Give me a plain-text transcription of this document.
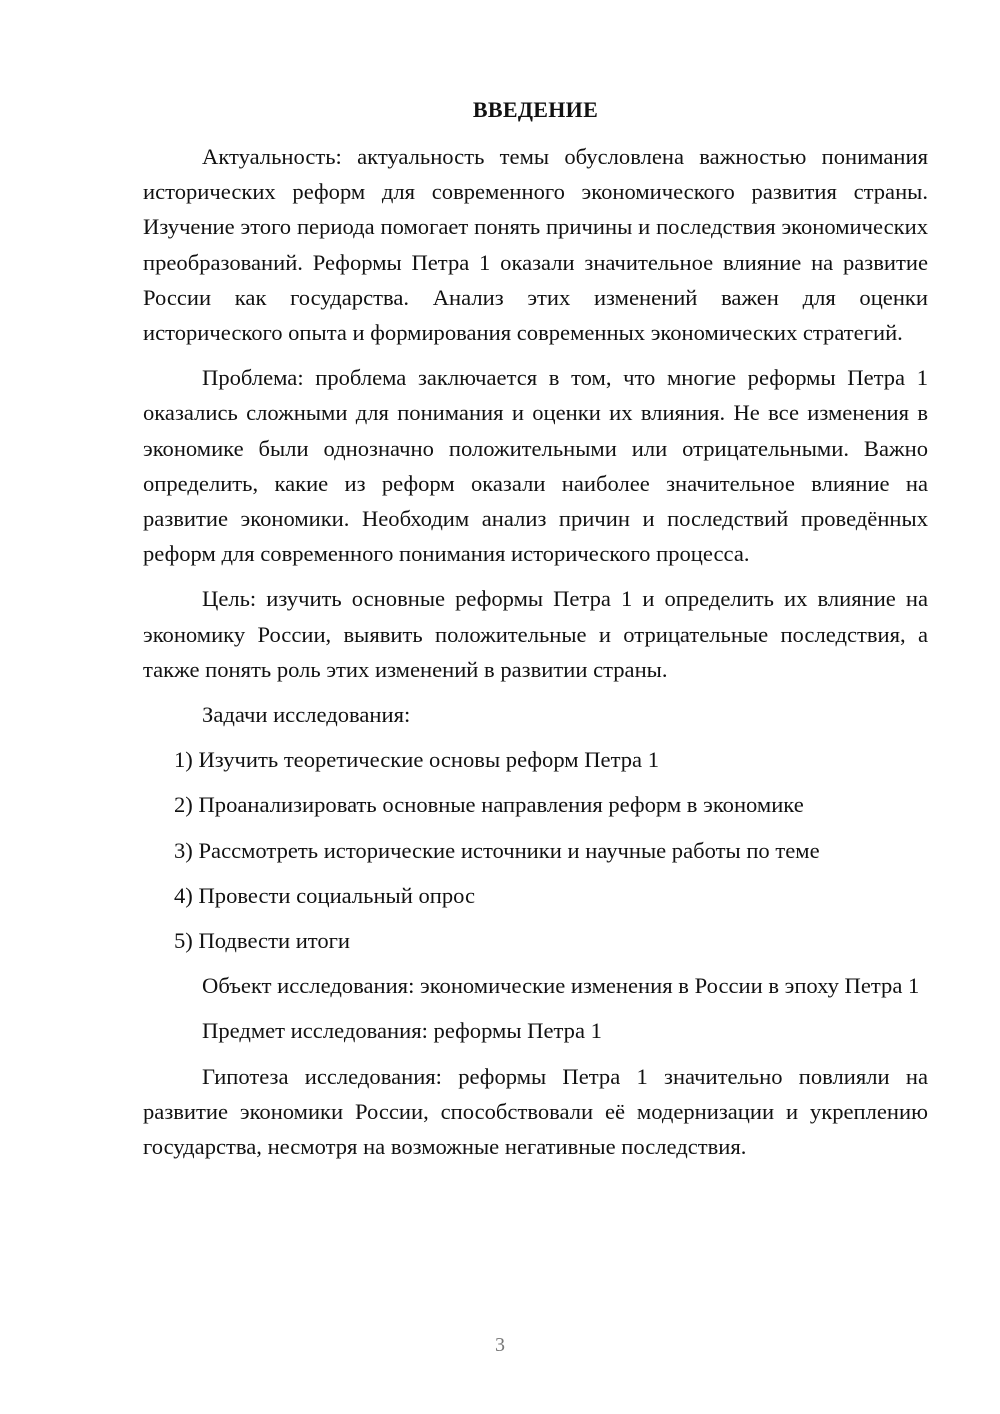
ВВЕДЕНИЕ

Актуальность: актуальность темы обусловлена важностью понимания исторических реформ для современного экономического развития страны. Изучение этого периода помогает понять причины и последствия экономических преобразований. Реформы Петра 1 оказали значительное влияние на развитие России как государства. Анализ этих изменений важен для оценки исторического опыта и формирования современных экономических стратегий.

Проблема: проблема заключается в том, что многие реформы Петра 1 оказались сложными для понимания и оценки их влияния. Не все изменения в экономике были однозначно положительными или отрицательными. Важно определить, какие из реформ оказали наиболее значительное влияние на развитие экономики. Необходим анализ причин и последствий проведённых реформ для современного понимания исторического процесса.

Цель: изучить основные реформы Петра 1 и определить их влияние на экономику России, выявить положительные и отрицательные последствия, а также понять роль этих изменений в развитии страны.

Задачи исследования:

1) Изучить теоретические основы реформ Петра 1

2) Проанализировать основные направления реформ в экономике

3) Рассмотреть исторические источники и научные работы по теме

4) Провести социальный опрос

5) Подвести итоги

Объект исследования: экономические изменения в России в эпоху Петра 1

Предмет исследования: реформы Петра 1

Гипотеза исследования: реформы Петра 1 значительно повлияли на развитие экономики России, способствовали её модернизации и укреплению государства, несмотря на возможные негативные последствия.

3
